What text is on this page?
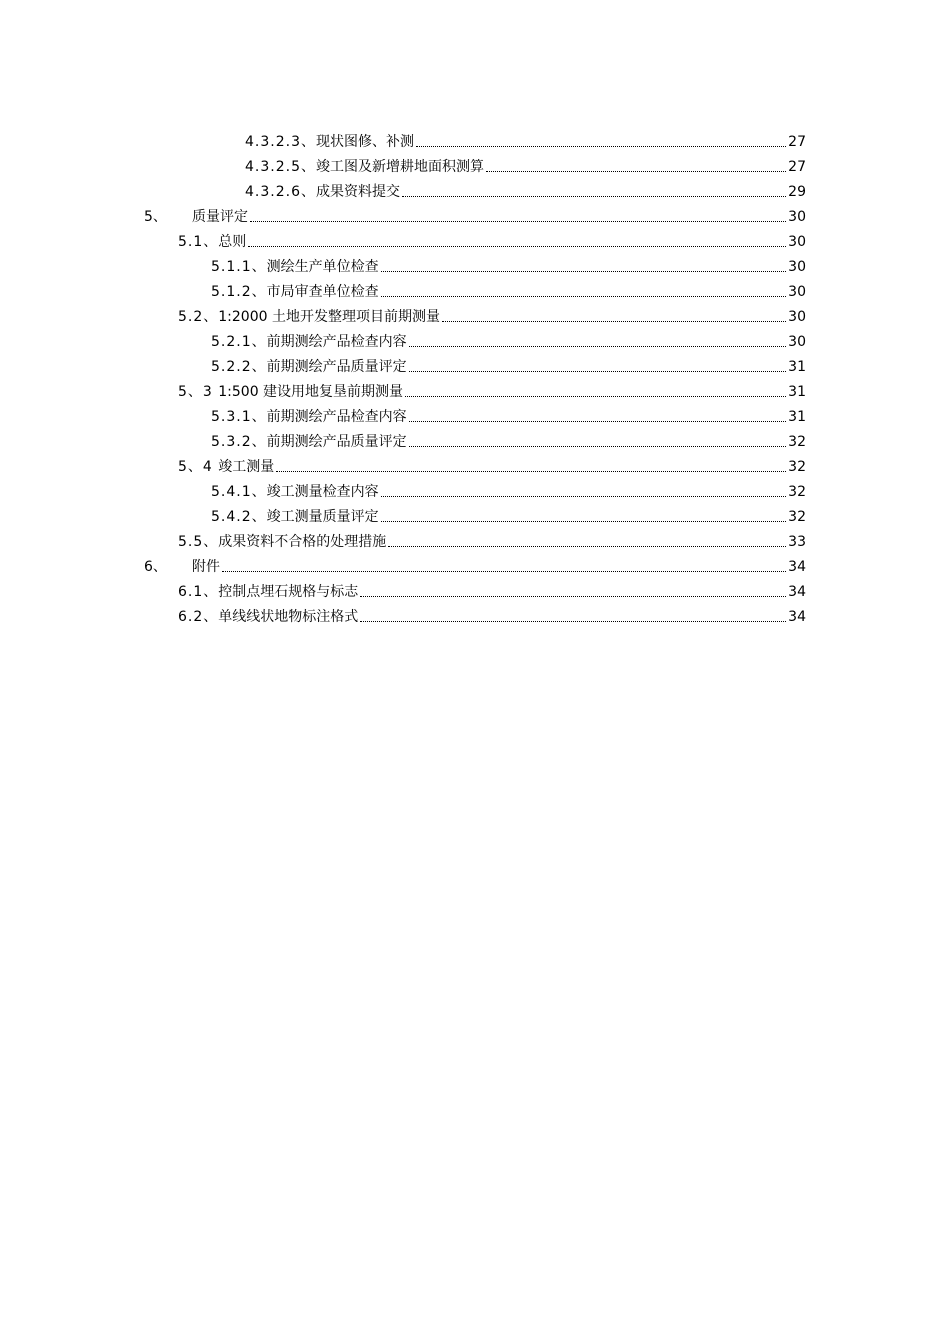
4.3.2.3、现状图修、补测	27
4.3.2.5、竣工图及新增耕地面积测算	27
4.3.2.6、成果资料提交	29
5、 质量评定	30
5.1、总则	30
5.1.1、测绘生产单位检查	30
5.1.2、市局审查单位检查	30
5.2、1:2000 土地开发整理项目前期测量	30
5.2.1、前期测绘产品检查内容	30
5.2.2、前期测绘产品质量评定	31
5、3 1:500 建设用地复垦前期测量	31
5.3.1、前期测绘产品检查内容	31
5.3.2、前期测绘产品质量评定	32
5、4 竣工测量	32
5.4.1、竣工测量检查内容	32
5.4.2、竣工测量质量评定	32
5.5、成果资料不合格的处理措施	33
6、 附件	34
6.1、控制点埋石规格与标志	34
6.2、单线线状地物标注格式	34
